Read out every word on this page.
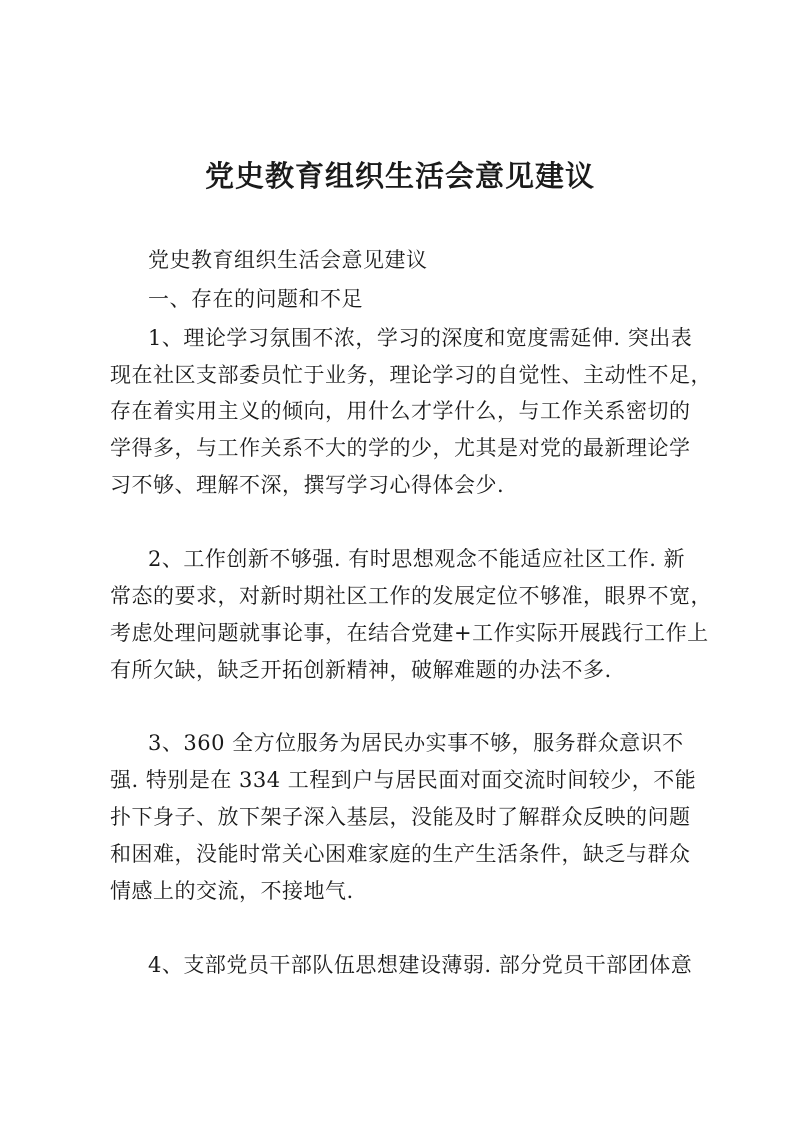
党史教育组织生活会意见建议

党史教育组织生活会意见建议

一、存在的问题和不足

1、理论学习氛围不浓，学习的深度和宽度需延伸. 突出表

现在社区支部委员忙于业务，理论学习的自觉性、主动性不足，

存在着实用主义的倾向，用什么才学什么，与工作关系密切的

学得多，与工作关系不大的学的少，尤其是对党的最新理论学

习不够、理解不深，撰写学习心得体会少.

2、工作创新不够强. 有时思想观念不能适应社区工作. 新

常态的要求，对新时期社区工作的发展定位不够准，眼界不宽，

考虑处理问题就事论事，在结合党建+工作实际开展践行工作上

有所欠缺，缺乏开拓创新精神，破解难题的办法不多.

3、360 全方位服务为居民办实事不够，服务群众意识不

强. 特别是在 334 工程到户与居民面对面交流时间较少，不能

扑下身子、放下架子深入基层，没能及时了解群众反映的问题

和困难，没能时常关心困难家庭的生产生活条件，缺乏与群众

情感上的交流，不接地气.

4、支部党员干部队伍思想建设薄弱. 部分党员干部团体意
